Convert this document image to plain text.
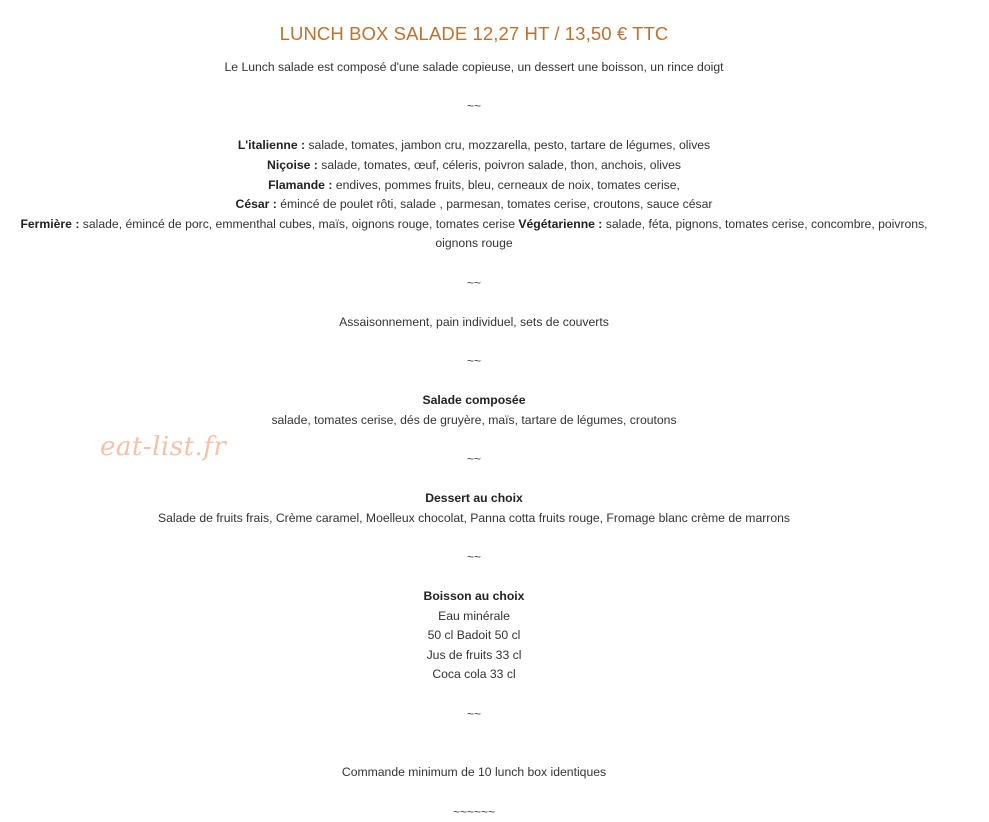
LUNCH BOX SALADE 12,27 HT / 13,50 € TTC

Le Lunch salade est composé d'une salade copieuse, un dessert une boisson, un rince doigt

~~

L'italienne : salade, tomates, jambon cru, mozzarella, pesto, tartare de légumes, olives

Niçoise : salade, tomates, œuf, céleris, poivron salade, thon, anchois, olives

Flamande : endives, pommes fruits, bleu, cerneaux de noix, tomates cerise,

César : émincé de poulet rôti, salade , parmesan, tomates cerise, croutons, sauce césar

Fermière : salade, émincé de porc, emmenthal cubes, maïs, oignons rouge, tomates cerise Végétarienne : salade, féta, pignons, tomates cerise, concombre, poivrons, oignons rouge

~~

Assaisonnement, pain individuel, sets de couverts

~~

Salade composée

salade, tomates cerise, dés de gruyère, maïs, tartare de légumes, croutons

~~

Dessert au choix

Salade de fruits frais, Crème caramel, Moelleux chocolat, Panna cotta fruits rouge, Fromage blanc crème de marrons

~~

Boisson au choix

Eau minérale

50 cl Badoit 50 cl

Jus de fruits 33 cl

Coca cola 33 cl

~~

Commande minimum de 10 lunch box identiques

~~~~~~

eat-list.fr
